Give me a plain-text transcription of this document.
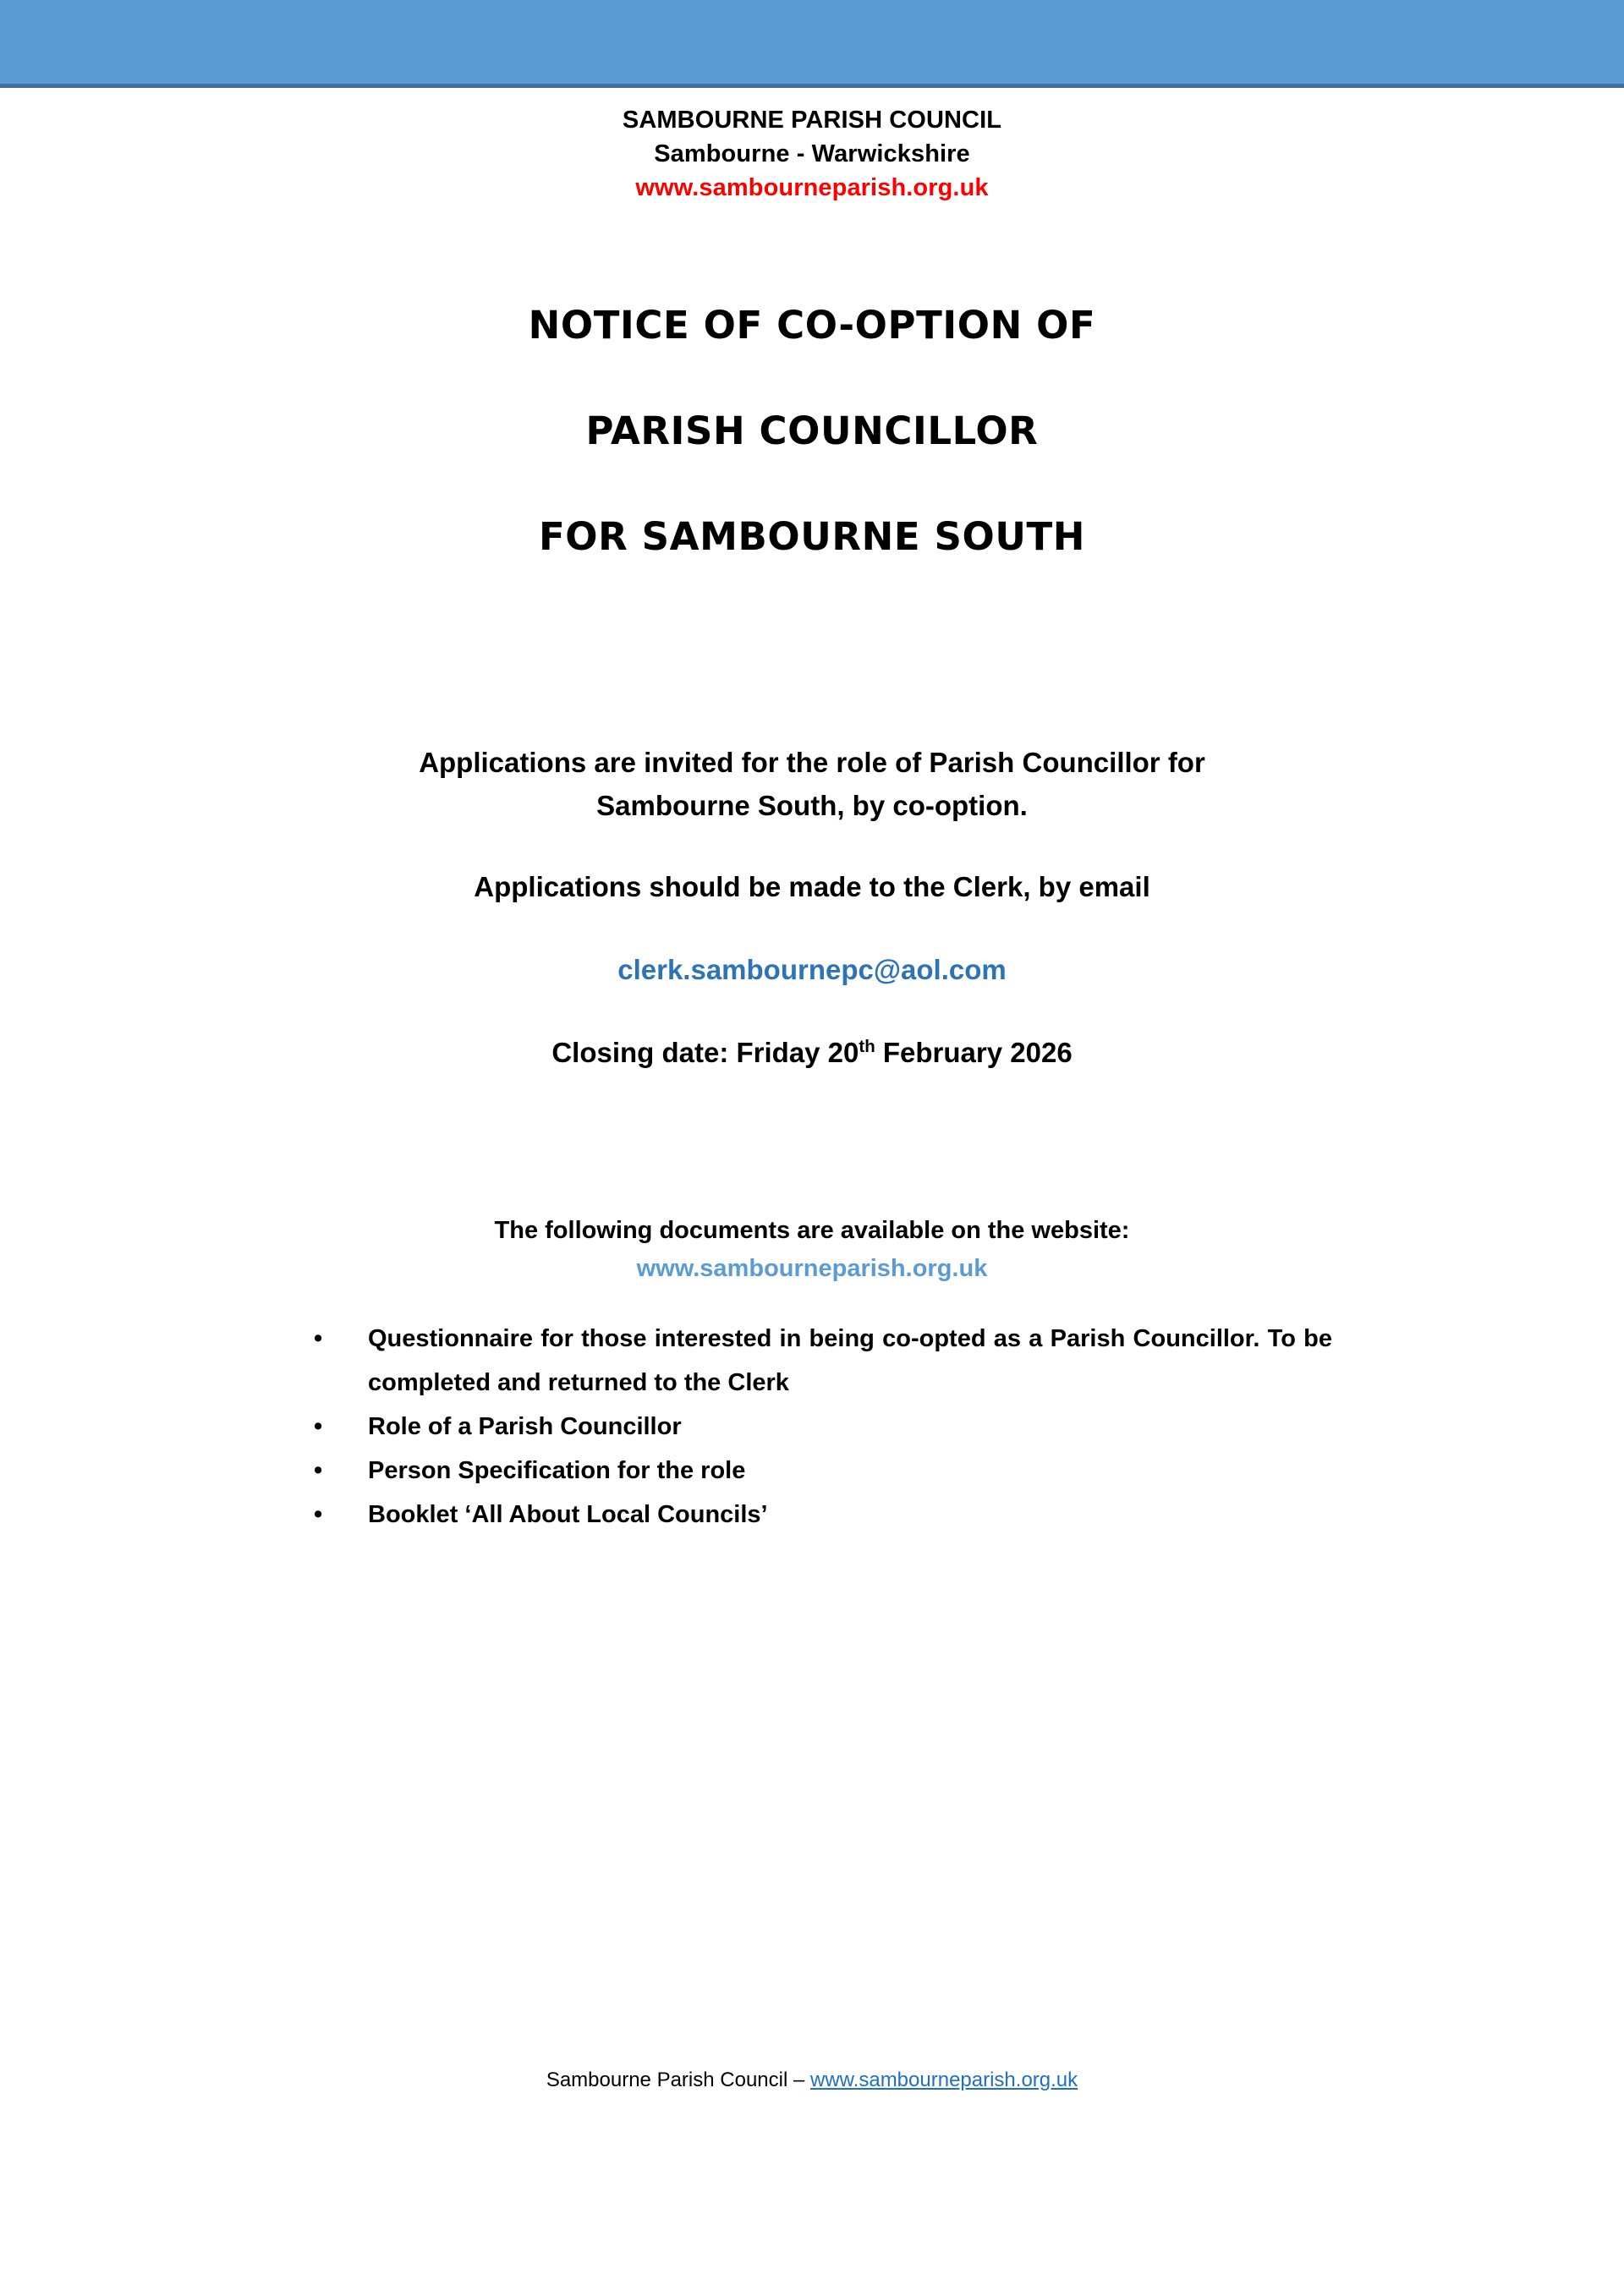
SAMBOURNE PARISH COUNCIL
Sambourne - Warwickshire
www.sambourneparish.org.uk
NOTICE OF CO-OPTION OF
PARISH COUNCILLOR
FOR SAMBOURNE SOUTH
Applications are invited for the role of Parish Councillor for Sambourne South, by co-option.
Applications should be made to the Clerk, by email
clerk.sambournepc@aol.com
Closing date: Friday 20th February 2026
The following documents are available on the website:
www.sambourneparish.org.uk
• Questionnaire for those interested in being co-opted as a Parish Councillor. To be completed and returned to the Clerk
• Role of a Parish Councillor
• Person Specification for the role
• Booklet ‘All About Local Councils’
Sambourne Parish Council – www.sambourneparish.org.uk
